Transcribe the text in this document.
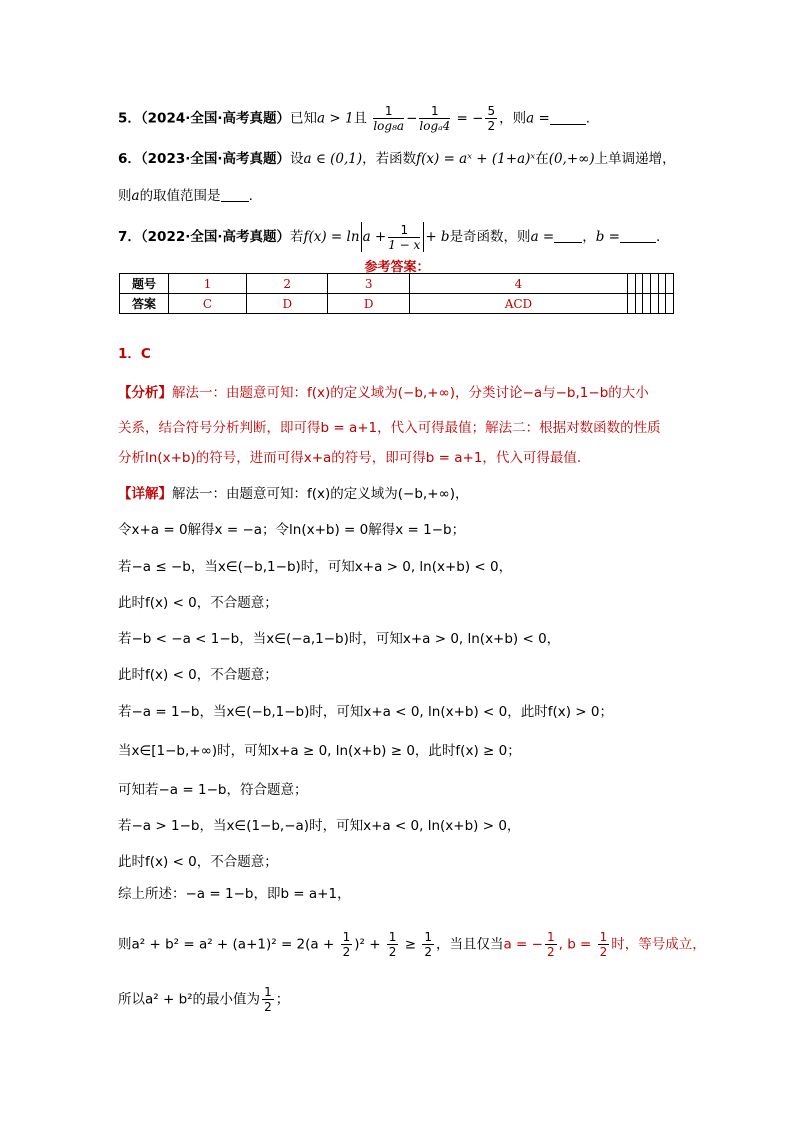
5．（2024·全国·高考真题）已知a > 1且 $\frac{1}{\text{log₈a}} - \frac{1}{\text{logₐ4}}$ = − $\frac{5}{2}$ ，则a =	.
6．（2023·全国·高考真题）设a ∈ (0,1)，若函数f(x) = aˣ + (1+a)ˣ在(0,+∞)上单调递增，
则a的取值范围是 .
7．（2022·全国·高考真题）若$f(x) = \ln a + \frac{1}{1 - x} + b$是奇函数，则a = ，b =	.
参考答案：
题号	1	2	3	4						
答案	C	D	D	ACD						
1．C
【分析】解法一：由题意可知：f(x)的定义域为(−b,+∞)，分类讨论−a与−b,1−b的大小
关系，结合符号分析判断，即可得b = a+1，代入可得最值；解法二：根据对数函数的性质
分析ln(x+b)的符号，进而可得x+a的符号，即可得b = a+1，代入可得最值.
【详解】解法一：由题意可知：f(x)的定义域为(−b,+∞)，
令x+a = 0解得x = −a；令ln(x+b) = 0解得x = 1−b；
若−a ≤ −b，当x∈(−b,1−b)时，可知x+a > 0, ln(x+b) < 0，
此时f(x) < 0，不合题意；
若−b < −a < 1−b，当x∈(−a,1−b)时，可知x+a > 0, ln(x+b) < 0，
此时f(x) < 0，不合题意；
若−a = 1−b，当x∈(−b,1−b)时，可知x+a < 0, ln(x+b) < 0，此时f(x) > 0；
当x∈[1−b,+∞)时，可知x+a ≥ 0, ln(x+b) ≥ 0，此时f(x) ≥ 0；
可知若−a = 1−b，符合题意；
若−a > 1−b，当x∈(1−b,−a)时，可知x+a < 0, ln(x+b) > 0，
此时f(x) < 0，不合题意；
综上所述：−a = 1−b，即b = a+1，
则$a^2 + b^2 = a^2 + (a+1)^2 = 2(a + \frac{1}{2} )^2 + \frac{1}{2} \ge \frac{1}{2}$ ，当且仅当a = − $\frac{1}{2}$ , $b = \frac{1}{2}$ 时，等号成立，
所以a² + b²的最小值为 $\frac{1}{2}$ ；
